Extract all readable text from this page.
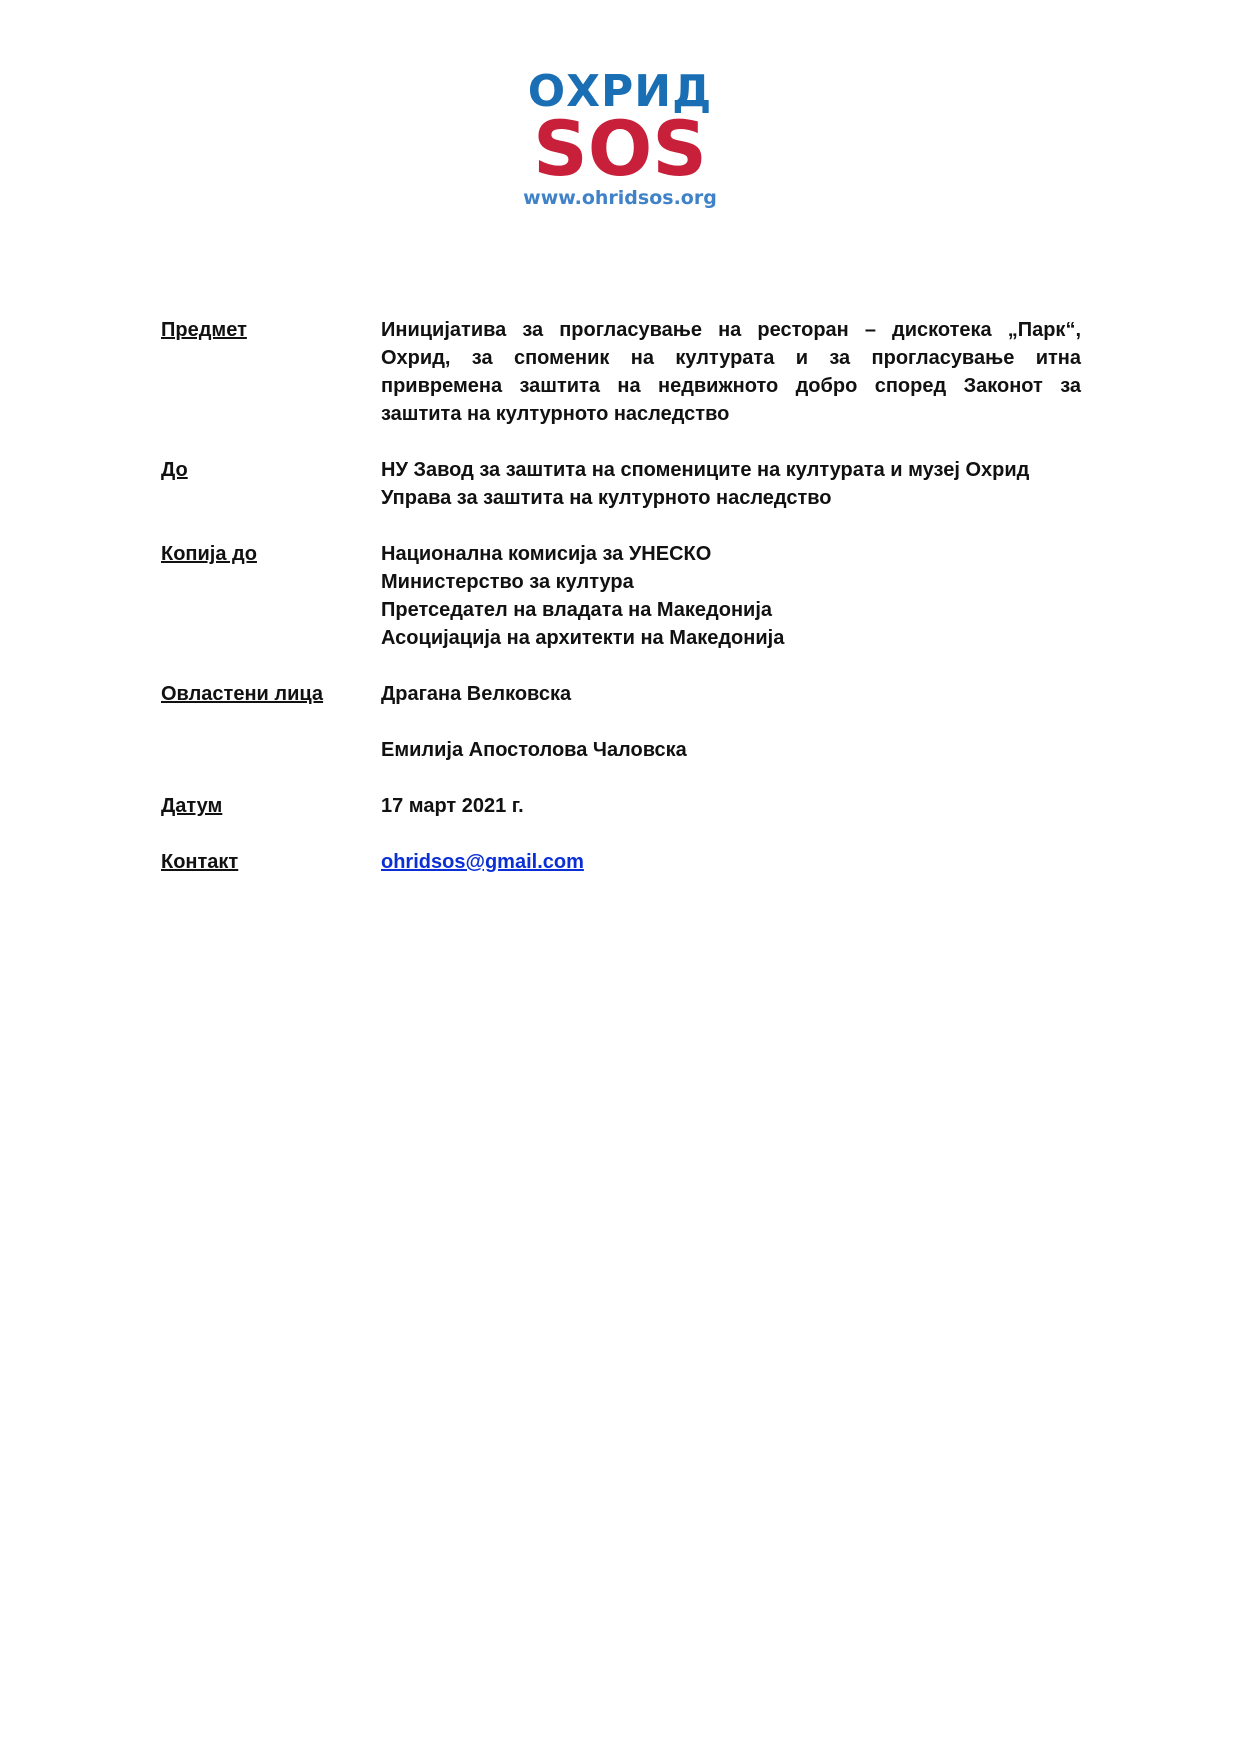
ОХРИД
SOS
www.ohridsos.org
Предмет	Иницијатива за прогласување на ресторан – дискотека „Парк“, Охрид, за споменик на културата и за прогласување итна привремена заштита на недвижното добро според Законот за заштита на културното наследство
До	НУ Завод за заштита на спомениците на културата и музеј Охрид
Управа за заштита на културното наследство
Копија до	Национална комисија за УНЕСКО
Министерство за култура
Претседател на владата на Македонија
Асоцијација на архитекти на Македонија
Овластени лица	Драгана Велковска
Емилија Апостолова Чаловска
Датум	17 март 2021 г.
Контакт	ohridsos@gmail.com
